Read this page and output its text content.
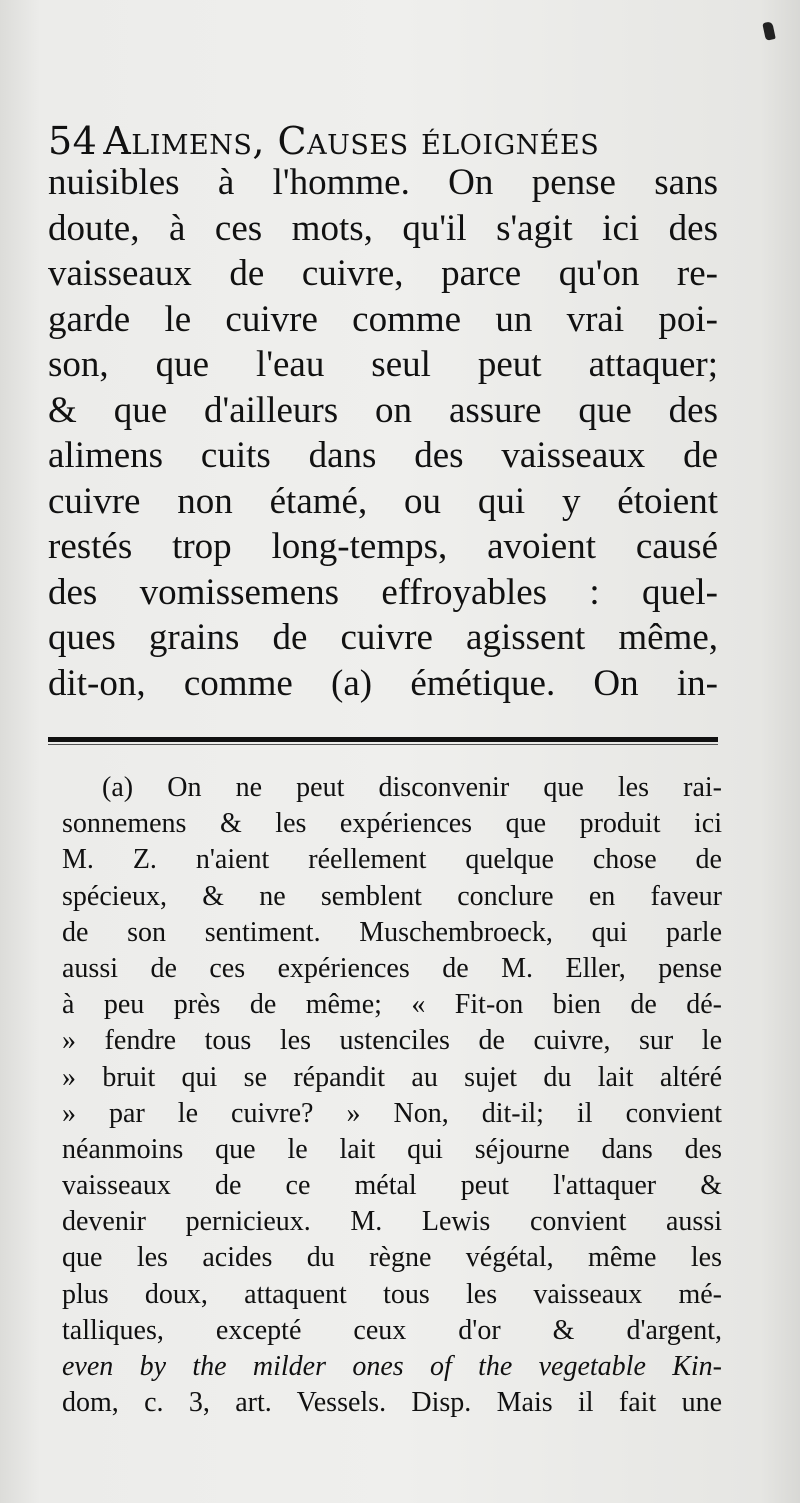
54 Alimens, Causes éloignées
nuisibles à l'homme. On pense sans
doute, à ces mots, qu'il s'agit ici des
vaisseaux de cuivre, parce qu'on re-
garde le cuivre comme un vrai poi-
son, que l'eau seul peut attaquer;
& que d'ailleurs on assure que des
alimens cuits dans des vaisseaux de
cuivre non étamé, ou qui y étoient
restés trop long-temps, avoient causé
des vomissemens effroyables : quel-
ques grains de cuivre agissent même,
dit-on, comme (a) émétique. On in-
(a) On ne peut disconvenir que les rai-
sonnemens & les expériences que produit ici
M. Z. n'aient réellement quelque chose de
spécieux, & ne semblent conclure en faveur
de son sentiment. Muschembroeck, qui parle
aussi de ces expériences de M. Eller, pense
à peu près de même; « Fit-on bien de dé-
» fendre tous les ustenciles de cuivre, sur le
» bruit qui se répandit au sujet du lait altéré
» par le cuivre? » Non, dit-il; il convient
néanmoins que le lait qui séjourne dans des
vaisseaux de ce métal peut l'attaquer &
devenir pernicieux. M. Lewis convient aussi
que les acides du règne végétal, même les
plus doux, attaquent tous les vaisseaux mé-
talliques, excepté ceux d'or & d'argent,
even by the milder ones of the vegetable Kin-
dom, c. 3, art. Vessels. Disp. Mais il fait une
